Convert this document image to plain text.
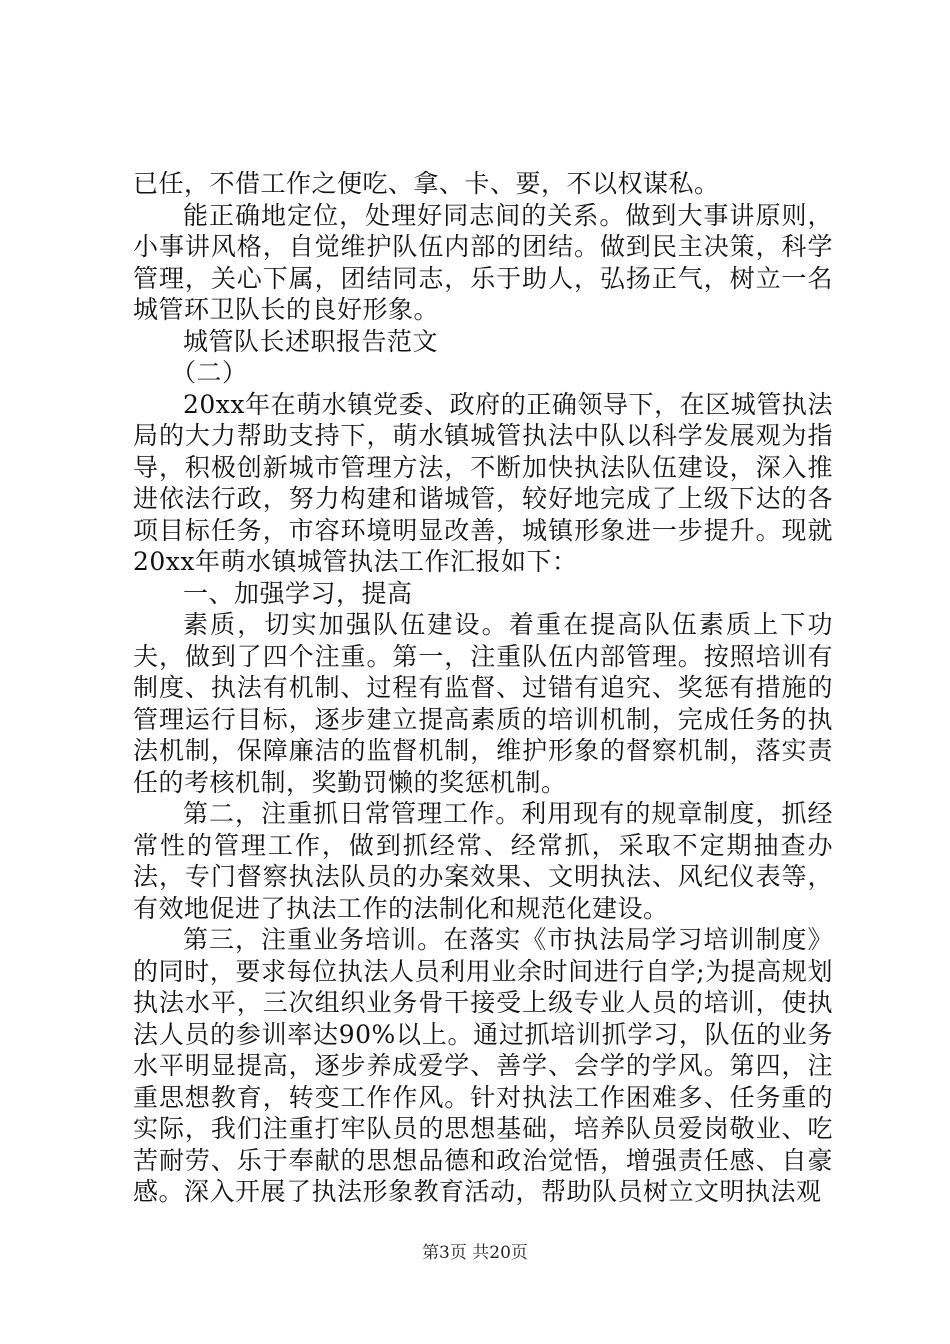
已任，不借工作之便吃、拿、卡、要，不以权谋私。

能正确地定位，处理好同志间的关系。做到大事讲原则，小事讲风格，自觉维护队伍内部的团结。做到民主决策，科学管理，关心下属，团结同志，乐于助人，弘扬正气，树立一名城管环卫队长的良好形象。

城管队长述职报告范文

（二）

20xx年在萌水镇党委、政府的正确领导下，在区城管执法局的大力帮助支持下，萌水镇城管执法中队以科学发展观为指导，积极创新城市管理方法，不断加快执法队伍建设，深入推进依法行政，努力构建和谐城管，较好地完成了上级下达的各项目标任务，市容环境明显改善，城镇形象进一步提升。现就20xx年萌水镇城管执法工作汇报如下：

一、加强学习，提高

素质，切实加强队伍建设。着重在提高队伍素质上下功夫，做到了四个注重。第一，注重队伍内部管理。按照培训有制度、执法有机制、过程有监督、过错有追究、奖惩有措施的管理运行目标，逐步建立提高素质的培训机制，完成任务的执法机制，保障廉洁的监督机制，维护形象的督察机制，落实责任的考核机制，奖勤罚懒的奖惩机制。

第二，注重抓日常管理工作。利用现有的规章制度，抓经常性的管理工作，做到抓经常、经常抓，采取不定期抽查办法，专门督察执法队员的办案效果、文明执法、风纪仪表等，有效地促进了执法工作的法制化和规范化建设。

第三，注重业务培训。在落实《市执法局学习培训制度》的同时，要求每位执法人员利用业余时间进行自学;为提高规划执法水平，三次组织业务骨干接受上级专业人员的培训，使执法人员的参训率达90%以上。通过抓培训抓学习，队伍的业务水平明显提高，逐步养成爱学、善学、会学的学风。第四，注重思想教育，转变工作作风。针对执法工作困难多、任务重的实际，我们注重打牢队员的思想基础，培养队员爱岗敬业、吃苦耐劳、乐于奉献的思想品德和政治觉悟，增强责任感、自豪感。深入开展了执法形象教育活动，帮助队员树立文明执法观

第3页 共20页
